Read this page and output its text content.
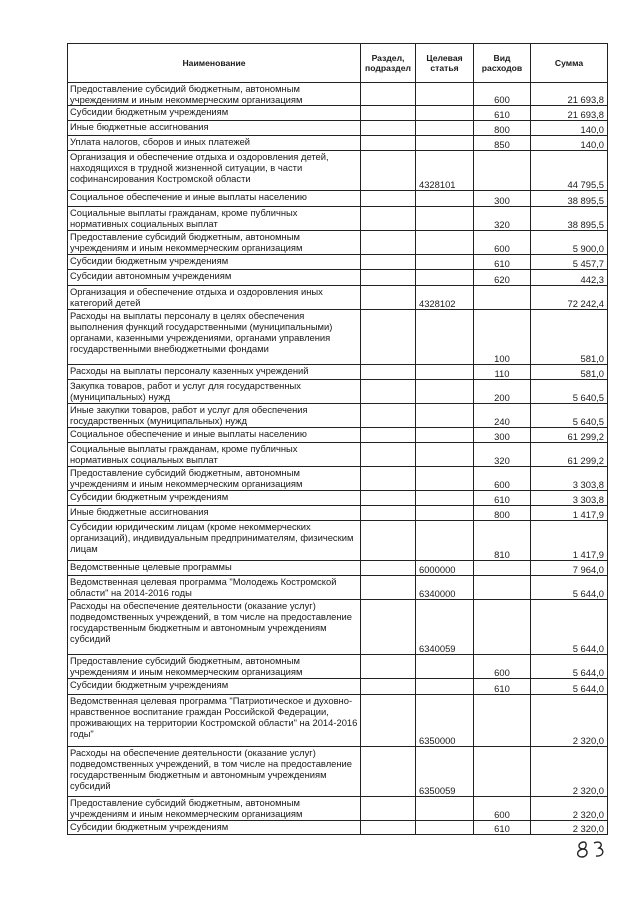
Наименование	Раздел, подраздел	Целевая статья	Вид расходов	Сумма
Предоставление субсидий бюджетным, автономным учреждениям и иным некоммерческим организациям			600	21 693,8
Субсидии бюджетным учреждениям			610	21 693,8
Иные бюджетные ассигнования			800	140,0
Уплата налогов, сборов и иных платежей			850	140,0
Организация и обеспечение отдыха и оздоровления детей, находящихся в трудной жизненной ситуации, в части софинансирования Костромской области		4328101		44 795,5
Социальное обеспечение и иные выплаты населению			300	38 895,5
Социальные выплаты гражданам, кроме публичных нормативных социальных выплат			320	38 895,5
Предоставление субсидий бюджетным, автономным учреждениям и иным некоммерческим организациям			600	5 900,0
Субсидии бюджетным учреждениям			610	5 457,7
Субсидии автономным учреждениям			620	442,3
Организация и обеспечение отдыха и оздоровления иных категорий детей		4328102		72 242,4
Расходы на выплаты персоналу в целях обеспечения выполнения функций государственными (муниципальными) органами, казенными учреждениями, органами управления государственными внебюджетными фондами			100	581,0
Расходы на выплаты персоналу казенных учреждений			110	581,0
Закупка товаров, работ и услуг для государственных (муниципальных) нужд			200	5 640,5
Иные закупки товаров, работ и услуг для обеспечения государственных (муниципальных) нужд			240	5 640,5
Социальное обеспечение и иные выплаты населению			300	61 299,2
Социальные выплаты гражданам, кроме публичных нормативных социальных выплат			320	61 299,2
Предоставление субсидий бюджетным, автономным учреждениям и иным некоммерческим организациям			600	3 303,8
Субсидии бюджетным учреждениям			610	3 303,8
Иные бюджетные ассигнования			800	1 417,9
Субсидии юридическим лицам (кроме некоммерческих организаций), индивидуальным предпринимателям, физическим лицам			810	1 417,9
Ведомственные целевые программы		6000000		7 964,0
Ведомственная целевая программа "Молодежь Костромской области" на 2014-2016 годы		6340000		5 644,0
Расходы на обеспечение деятельности (оказание услуг) подведомственных учреждений, в том числе на предоставление государственным бюджетным и автономным учреждениям субсидий		6340059		5 644,0
Предоставление субсидий бюджетным, автономным учреждениям и иным некоммерческим организациям			600	5 644,0
Субсидии бюджетным учреждениям			610	5 644,0
Ведомственная целевая программа "Патриотическое и духовно-нравственное воспитание граждан Российской Федерации, проживающих на территории Костромской области" на 2014-2016 годы"		6350000		2 320,0
Расходы на обеспечение деятельности (оказание услуг) подведомственных учреждений, в том числе на предоставление государственным бюджетным и автономным учреждениям субсидий		6350059		2 320,0
Предоставление субсидий бюджетным, автономным учреждениям и иным некоммерческим организациям			600	2 320,0
Субсидии бюджетным учреждениям			610	2 320,0
